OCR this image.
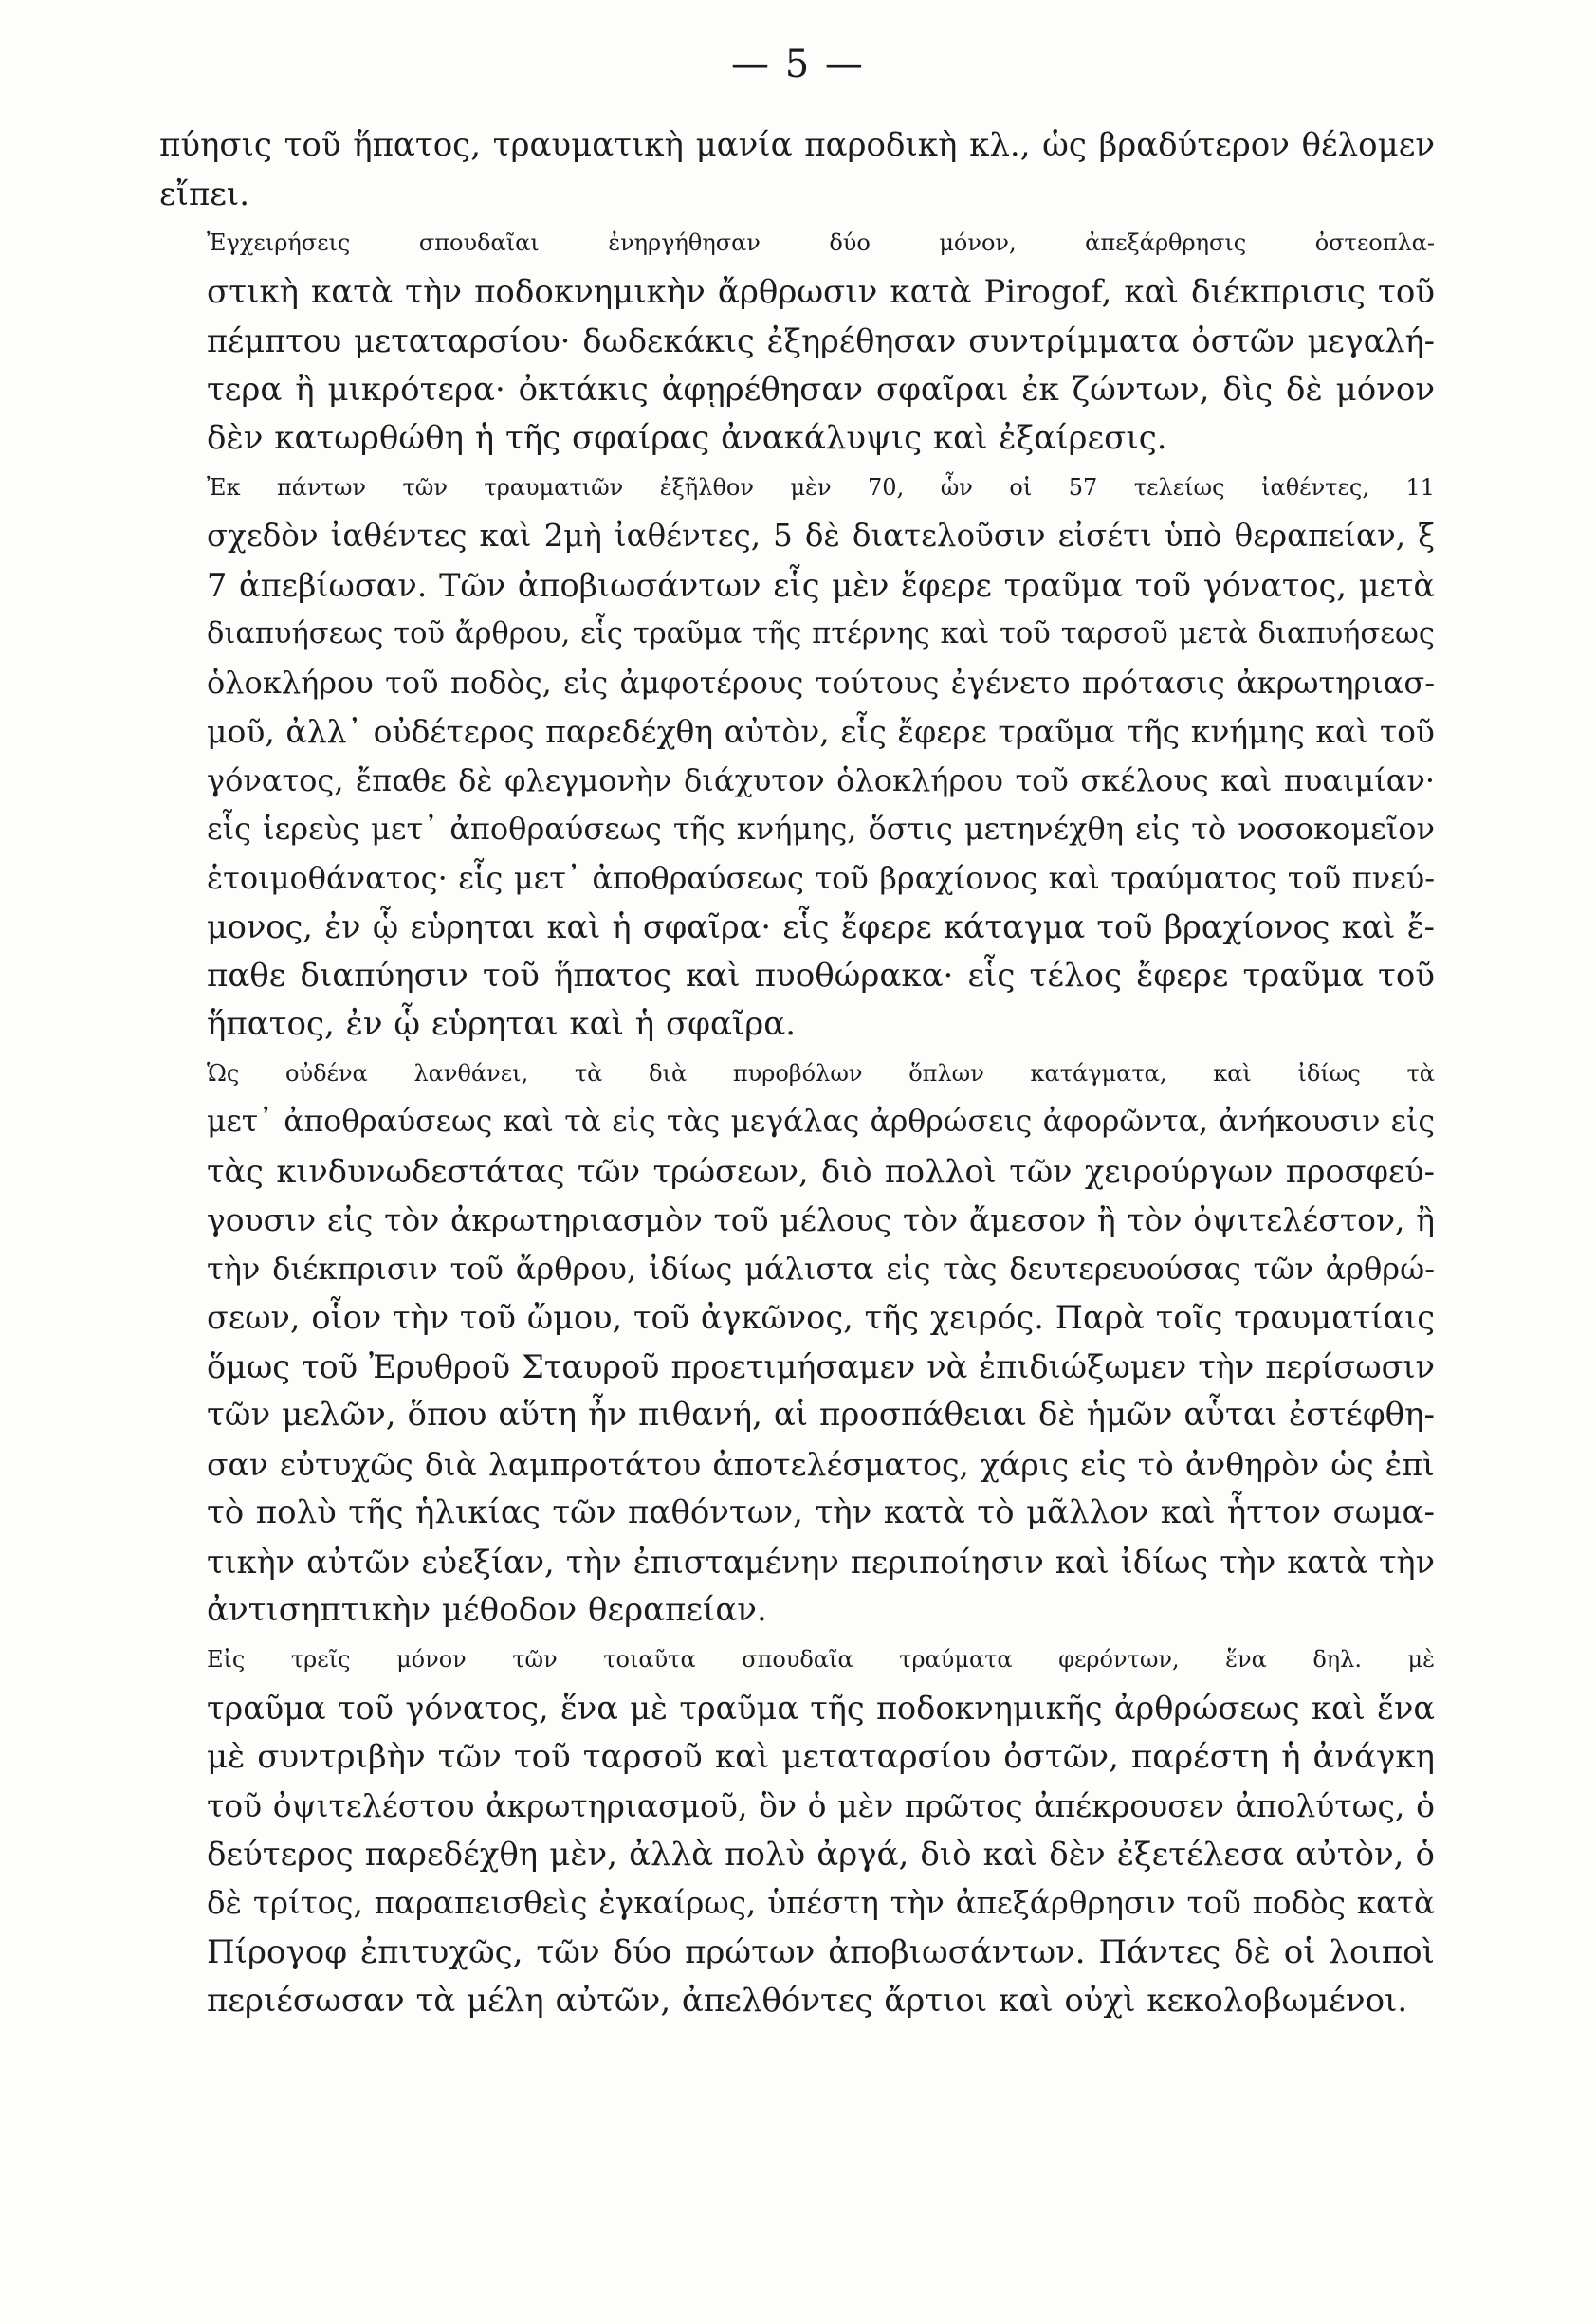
— 5 —

πύησις τοῦ ἥπατος, τραυματικὴ μανία παροδικὴ κλ., ὡς βραδύτερον θέλομεν
εἴπει.

Ἐγχειρήσεις σπουδαῖαι ἐνηργήθησαν δύο μόνον, ἀπεξάρθρησις ὀστεοπλα-
στικὴ κατὰ τὴν ποδοκνημικὴν ἄρθρωσιν κατὰ Pirogof, καὶ διέκπρισις τοῦ
πέμπτου μεταταρσίου· δωδεκάκις ἐξηρέθησαν συντρίμματα ὀστῶν μεγαλή-
τερα ἢ μικρότερα· ὀκτάκις ἀφῃρέθησαν σφαῖραι ἐκ ζώντων, δὶς δὲ μόνον
δὲν κατωρθώθη ἡ τῆς σφαίρας ἀνακάλυψις καὶ ἐξαίρεσις.

Ἐκ πάντων τῶν τραυματιῶν ἐξῆλθον μὲν 70, ὧν οἱ 57 τελείως ἰαθέντες, 11
σχεδὸν ἰαθέντες καὶ 2μὴ ἰαθέντες, 5 δὲ διατελοῦσιν εἰσέτι ὑπὸ θεραπείαν, ξ
7 ἀπεβίωσαν. Τῶν ἀποβιωσάντων εἷς μὲν ἔφερε τραῦμα τοῦ γόνατος, μετὰ
διαπυήσεως τοῦ ἄρθρου, εἷς τραῦμα τῆς πτέρνης καὶ τοῦ ταρσοῦ μετὰ διαπυήσεως
ὁλοκλήρου τοῦ ποδὸς, εἰς ἀμφοτέρους τούτους ἐγένετο πρότασις ἀκρωτηριασ-
μοῦ, ἀλλ᾽ οὐδέτερος παρεδέχθη αὐτὸν, εἷς ἔφερε τραῦμα τῆς κνήμης καὶ τοῦ
γόνατος, ἔπαθε δὲ φλεγμονὴν διάχυτον ὁλοκλήρου τοῦ σκέλους καὶ πυαιμίαν·
εἷς ἱερεὺς μετ᾽ ἀποθραύσεως τῆς κνήμης, ὅστις μετηνέχθη εἰς τὸ νοσοκομεῖον
ἑτοιμοθάνατος· εἷς μετ᾽ ἀποθραύσεως τοῦ βραχίονος καὶ τραύματος τοῦ πνεύ-
μονος, ἐν ᾧ εὑρηται καὶ ἡ σφαῖρα· εἷς ἔφερε κάταγμα τοῦ βραχίονος καὶ ἔ-
παθε διαπύησιν τοῦ ἥπατος καὶ πυοθώρακα· εἷς τέλος ἔφερε τραῦμα τοῦ
ἥπατος, ἐν ᾧ εὑρηται καὶ ἡ σφαῖρα.

Ὡς οὐδένα λανθάνει, τὰ διὰ πυροβόλων ὅπλων κατάγματα, καὶ ἰδίως τὰ
μετ᾽ ἀποθραύσεως καὶ τὰ εἰς τὰς μεγάλας ἀρθρώσεις ἀφορῶντα, ἀνήκουσιν εἰς
τὰς κινδυνωδεστάτας τῶν τρώσεων, διὸ πολλοὶ τῶν χειρούργων προσφεύ-
γουσιν εἰς τὸν ἀκρωτηριασμὸν τοῦ μέλους τὸν ἄμεσον ἢ τὸν ὀψιτελέστον, ἢ
τὴν διέκπρισιν τοῦ ἄρθρου, ἰδίως μάλιστα εἰς τὰς δευτερευούσας τῶν ἀρθρώ-
σεων, οἷον τὴν τοῦ ὤμου, τοῦ ἀγκῶνος, τῆς χειρός. Παρὰ τοῖς τραυματίαις
ὅμως τοῦ Ἐρυθροῦ Σταυροῦ προετιμήσαμεν νὰ ἐπιδιώξωμεν τὴν περίσωσιν
τῶν μελῶν, ὅπου αὕτη ἦν πιθανή, αἱ προσπάθειαι δὲ ἡμῶν αὗται ἐστέφθη-
σαν εὐτυχῶς διὰ λαμπροτάτου ἀποτελέσματος, χάρις εἰς τὸ ἀνθηρὸν ὡς ἐπὶ
τὸ πολὺ τῆς ἡλικίας τῶν παθόντων, τὴν κατὰ τὸ μᾶλλον καὶ ἧττον σωμα-
τικὴν αὐτῶν εὐεξίαν, τὴν ἐπισταμένην περιποίησιν καὶ ἰδίως τὴν κατὰ τὴν
ἀντισηπτικὴν μέθοδον θεραπείαν.

Εἰς τρεῖς μόνον τῶν τοιαῦτα σπουδαῖα τραύματα φερόντων, ἕνα δηλ. μὲ
τραῦμα τοῦ γόνατος, ἕνα μὲ τραῦμα τῆς ποδοκνημικῆς ἀρθρώσεως καὶ ἕνα
μὲ συντριβὴν τῶν τοῦ ταρσοῦ καὶ μεταταρσίου ὀστῶν, παρέστη ἡ ἀνάγκη
τοῦ ὀψιτελέστου ἀκρωτηριασμοῦ, ὃν ὁ μὲν πρῶτος ἀπέκρουσεν ἀπολύτως, ὁ
δεύτερος παρεδέχθη μὲν, ἀλλὰ πολὺ ἀργά, διὸ καὶ δὲν ἐξετέλεσα αὐτὸν, ὁ
δὲ τρίτος, παραπεισθεὶς ἐγκαίρως, ὑπέστη τὴν ἀπεξάρθρησιν τοῦ ποδὸς κατὰ
Πίρογοφ ἐπιτυχῶς, τῶν δύο πρώτων ἀποβιωσάντων. Πάντες δὲ οἱ λοιποὶ
περιέσωσαν τὰ μέλη αὐτῶν, ἀπελθόντες ἄρτιοι καὶ οὐχὶ κεκολοβωμένοι.
